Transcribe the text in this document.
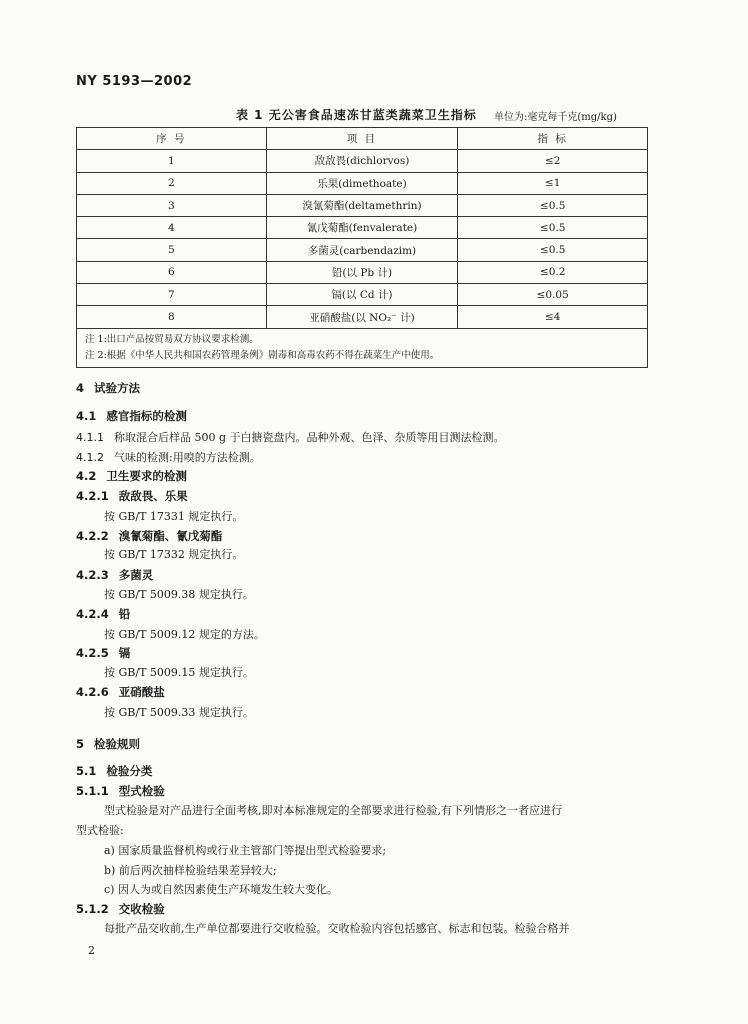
NY 5193—2002
表 1 无公害食品速冻甘蓝类蔬菜卫生指标 单位为:毫克每千克(mg/kg)
序 号	项 目	指 标
1	敌敌畏(dichlorvos)	≤2
2	乐果(dimethoate)	≤1
3	溴氰菊酯(deltamethrin)	≤0.5
4	氰戊菊酯(fenvalerate)	≤0.5
5	多菌灵(carbendazim)	≤0.5
6	铅(以 Pb 计)	≤0.2
7	镉(以 Cd 计)	≤0.05
8	亚硝酸盐(以 NO₂⁻ 计)	≤4

注 1:出口产品按贸易双方协议要求检测。
注 2:根据《中华人民共和国农药管理条例》剧毒和高毒农药不得在蔬菜生产中使用。		
4 试验方法
4.1 感官指标的检测
4.1.1 称取混合后样品 500 g 于白搪瓷盘内。品种外观、色泽、杂质等用目测法检测。
4.1.2 气味的检测:用嗅的方法检测。
4.2 卫生要求的检测
4.2.1 敌敌畏、乐果
按 GB/T 17331 规定执行。
4.2.2 溴氰菊酯、氰戊菊酯
按 GB/T 17332 规定执行。
4.2.3 多菌灵
按 GB/T 5009.38 规定执行。
4.2.4 铅
按 GB/T 5009.12 规定的方法。
4.2.5 镉
按 GB/T 5009.15 规定执行。
4.2.6 亚硝酸盐
按 GB/T 5009.33 规定执行。
5 检验规则
5.1 检验分类
5.1.1 型式检验
型式检验是对产品进行全面考核,即对本标准规定的全部要求进行检验,有下列情形之一者应进行
型式检验:
a) 国家质量监督机构或行业主管部门等提出型式检验要求;
b) 前后两次抽样检验结果差异较大;
c) 因人为或自然因素使生产环境发生较大变化。
5.1.2 交收检验
每批产品交收前,生产单位都要进行交收检验。交收检验内容包括感官、标志和包装。检验合格并
2
